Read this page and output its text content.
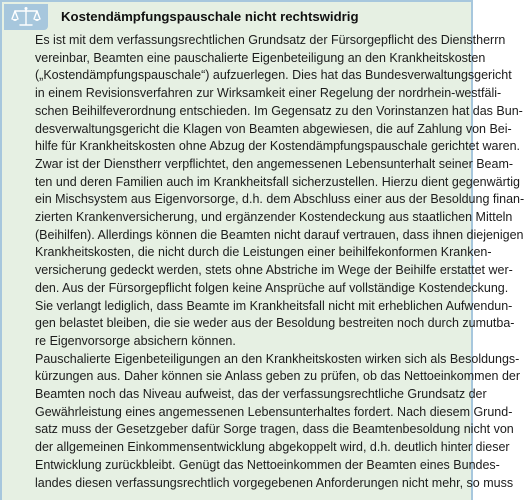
Kostendämpfungspauschale nicht rechtswidrig
Es ist mit dem verfassungsrechtlichen Grundsatz der Fürsorgepflicht des Dienstherrn
vereinbar, Beamten eine pauschalierte Eigenbeteiligung an den Krankheitskosten
(„Kostendämpfungspauschale“) aufzuerlegen. Dies hat das Bundesverwaltungsgericht
in einem Revisionsverfahren zur Wirksamkeit einer Regelung der nordrhein-westfäli-
schen Beihilfeverordnung entschieden. Im Gegensatz zu den Vorinstanzen hat das Bun-
desverwaltungsgericht die Klagen von Beamten abgewiesen, die auf Zahlung von Bei-
hilfe für Krankheitskosten ohne Abzug der Kostendämpfungspauschale gerichtet waren.
Zwar ist der Dienstherr verpflichtet, den angemessenen Lebensunterhalt seiner Beam-
ten und deren Familien auch im Krankheitsfall sicherzustellen. Hierzu dient gegenwärtig
ein Mischsystem aus Eigenvorsorge, d.h. dem Abschluss einer aus der Besoldung finan-
zierten Krankenversicherung, und ergänzender Kostendeckung aus staatlichen Mitteln
(Beihilfen). Allerdings können die Beamten nicht darauf vertrauen, dass ihnen diejenigen
Krankheitskosten, die nicht durch die Leistungen einer beihilfekonformen Kranken-
versicherung gedeckt werden, stets ohne Abstriche im Wege der Beihilfe erstattet wer-
den. Aus der Fürsorgepflicht folgen keine Ansprüche auf vollständige Kostendeckung.
Sie verlangt lediglich, dass Beamte im Krankheitsfall nicht mit erheblichen Aufwendun-
gen belastet bleiben, die sie weder aus der Besoldung bestreiten noch durch zumutba-
re Eigenvorsorge absichern können.
Pauschalierte Eigenbeteiligungen an den Krankheitskosten wirken sich als Besoldungs-
kürzungen aus. Daher können sie Anlass geben zu prüfen, ob das Nettoeinkommen der
Beamten noch das Niveau aufweist, das der verfassungsrechtliche Grundsatz der
Gewährleistung eines angemessenen Lebensunterhaltes fordert. Nach diesem Grund-
satz muss der Gesetzgeber dafür Sorge tragen, dass die Beamtenbesoldung nicht von
der allgemeinen Einkommensentwicklung abgekoppelt wird, d.h. deutlich hinter dieser
Entwicklung zurückbleibt. Genügt das Nettoeinkommen der Beamten eines Bundes-
landes diesen verfassungsrechtlich vorgegebenen Anforderungen nicht mehr, so muss
